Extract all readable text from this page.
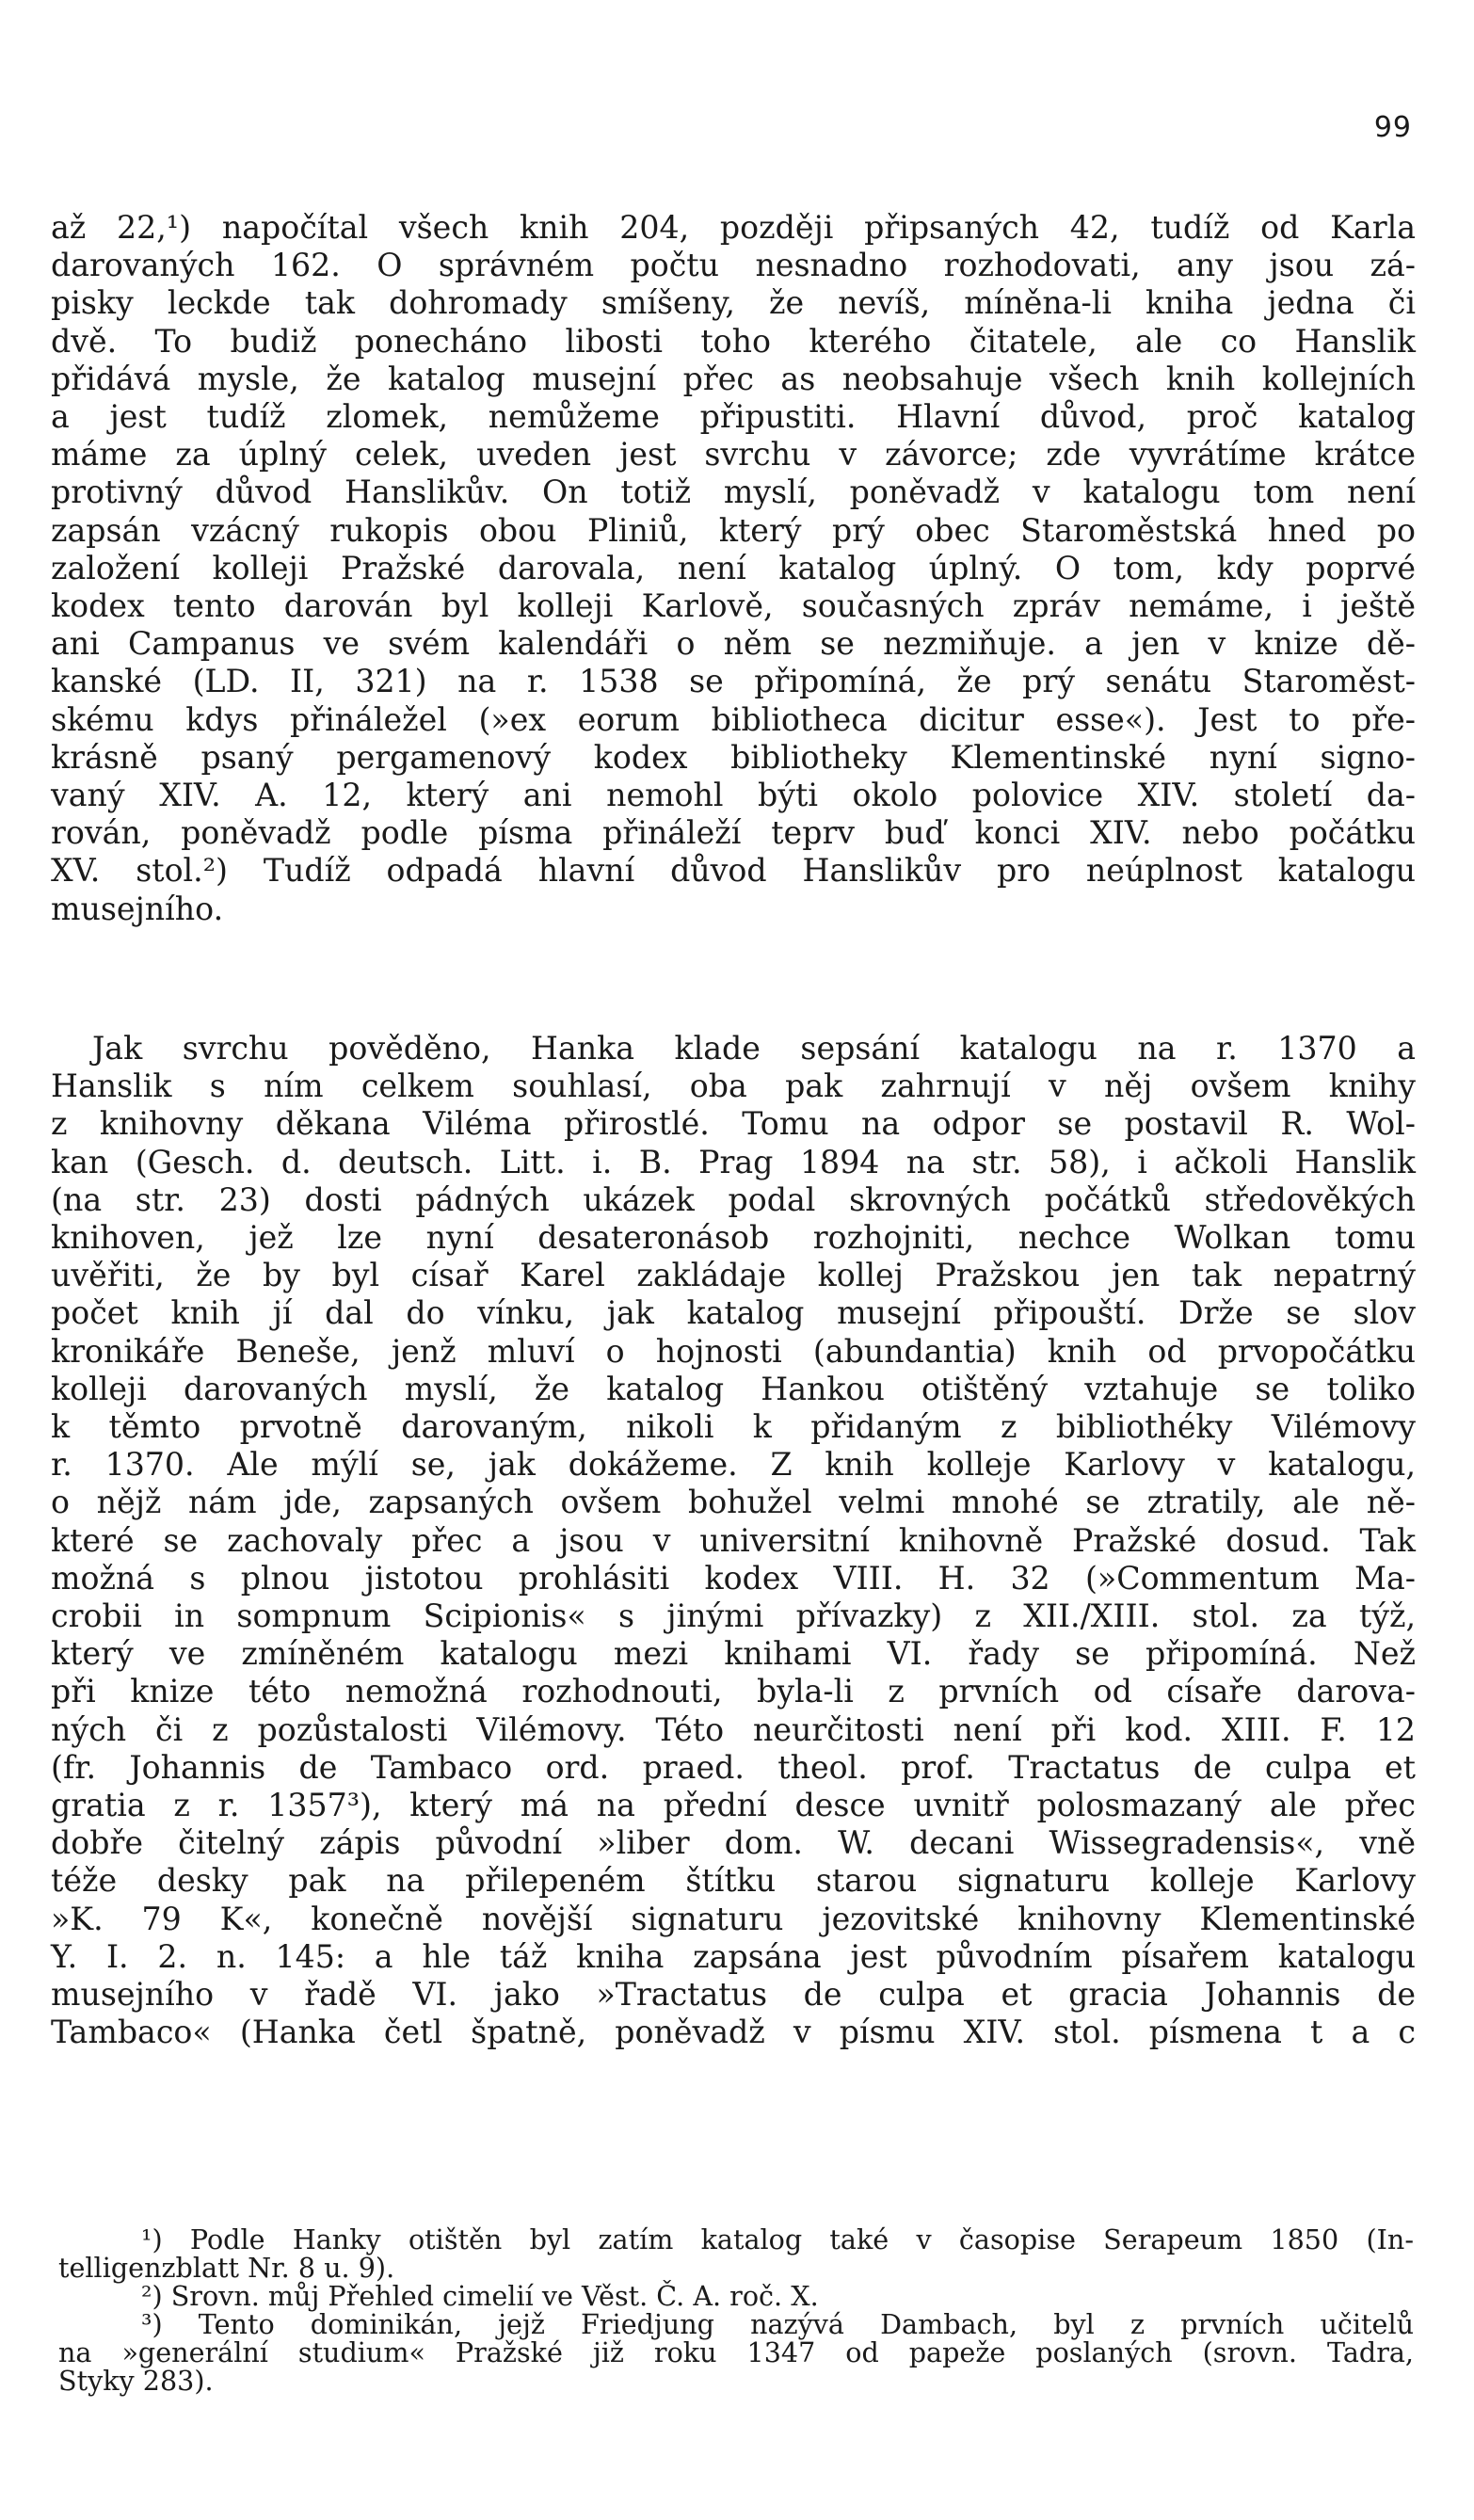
99
až 22,¹) napočítal všech knih 204, později připsaných 42, tudíž od Karla
darovaných 162. O správném počtu nesnadno rozhodovati, any jsou zá-
pisky leckde tak dohromady smíšeny, že nevíš, míněna-li kniha jedna či
dvě. To budiž ponecháno libosti toho kterého čitatele, ale co Hanslik
přidává mysle, že katalog musejní přec as neobsahuje všech knih kollejních
a jest tudíž zlomek, nemůžeme připustiti. Hlavní důvod, proč katalog
máme za úplný celek, uveden jest svrchu v závorce; zde vyvrátíme krátce
protivný důvod Hanslikův. On totiž myslí, poněvadž v katalogu tom není
zapsán vzácný rukopis obou Pliniů, který prý obec Staroměstská hned po
založení kolleji Pražské darovala, není katalog úplný. O tom, kdy poprvé
kodex tento darován byl kolleji Karlově, současných zpráv nemáme, i ještě
ani Campanus ve svém kalendáři o něm se nezmiňuje. a jen v knize dě-
kanské (LD. II, 321) na r. 1538 se připomíná, že prý senátu Staroměst-
skému kdys přináležel (»ex eorum bibliotheca dicitur esse«). Jest to pře-
krásně psaný pergamenový kodex bibliotheky Klementinské nyní signo-
vaný XIV. A. 12, který ani nemohl býti okolo polovice XIV. století da-
rován, poněvadž podle písma přináleží teprv buď konci XIV. nebo počátku
XV. stol.²) Tudíž odpadá hlavní důvod Hanslikův pro neúplnost katalogu
musejního.
Jak svrchu pověděno, Hanka klade sepsání katalogu na r. 1370 a
Hanslik s ním celkem souhlasí, oba pak zahrnují v něj ovšem knihy
z knihovny děkana Viléma přirostlé. Tomu na odpor se postavil R. Wol-
kan (Gesch. d. deutsch. Litt. i. B. Prag 1894 na str. 58), i ačkoli Hanslik
(na str. 23) dosti pádných ukázek podal skrovných počátků středověkých
knihoven, jež lze nyní desateronásob rozhojniti, nechce Wolkan tomu
uvěřiti, že by byl císař Karel zakládaje kollej Pražskou jen tak nepatrný
počet knih jí dal do vínku, jak katalog musejní připouští. Drže se slov
kronikáře Beneše, jenž mluví o hojnosti (abundantia) knih od prvopočátku
kolleji darovaných myslí, že katalog Hankou otištěný vztahuje se toliko
k těmto prvotně darovaným, nikoli k přidaným z bibliothéky Vilémovy
r. 1370. Ale mýlí se, jak dokážeme. Z knih kolleje Karlovy v katalogu,
o nějž nám jde, zapsaných ovšem bohužel velmi mnohé se ztratily, ale ně-
které se zachovaly přec a jsou v universitní knihovně Pražské dosud. Tak
možná s plnou jistotou prohlásiti kodex VIII. H. 32 (»Commentum Ma-
crobii in sompnum Scipionis« s jinými přívazky) z XII./XIII. stol. za týž,
který ve zmíněném katalogu mezi knihami VI. řady se připomíná. Než
při knize této nemožná rozhodnouti, byla-li z prvních od císaře darova-
ných či z pozůstalosti Vilémovy. Této neurčitosti není při kod. XIII. F. 12
(fr. Johannis de Tambaco ord. praed. theol. prof. Tractatus de culpa et
gratia z r. 1357³), který má na přední desce uvnitř polosmazaný ale přec
dobře čitelný zápis původní »liber dom. W. decani Wissegradensis«, vně
téže desky pak na přilepeném štítku starou signaturu kolleje Karlovy
»K. 79 K«, konečně novější signaturu jezovitské knihovny Klementinské
Y. I. 2. n. 145: a hle táž kniha zapsána jest původním písařem katalogu
musejního v řadě VI. jako »Tractatus de culpa et gracia Johannis de
Tambaco« (Hanka četl špatně, poněvadž v písmu XIV. stol. písmena t a c
¹) Podle Hanky otištěn byl zatím katalog také v časopise Serapeum 1850 (In-
telligenzblatt Nr. 8 u. 9).
²) Srovn. můj Přehled cimelií ve Věst. Č. A. roč. X.
³) Tento dominikán, jejž Friedjung nazývá Dambach, byl z prvních učitelů
na »generální studium« Pražské již roku 1347 od papeže poslaných (srovn. Tadra,
Styky 283).
